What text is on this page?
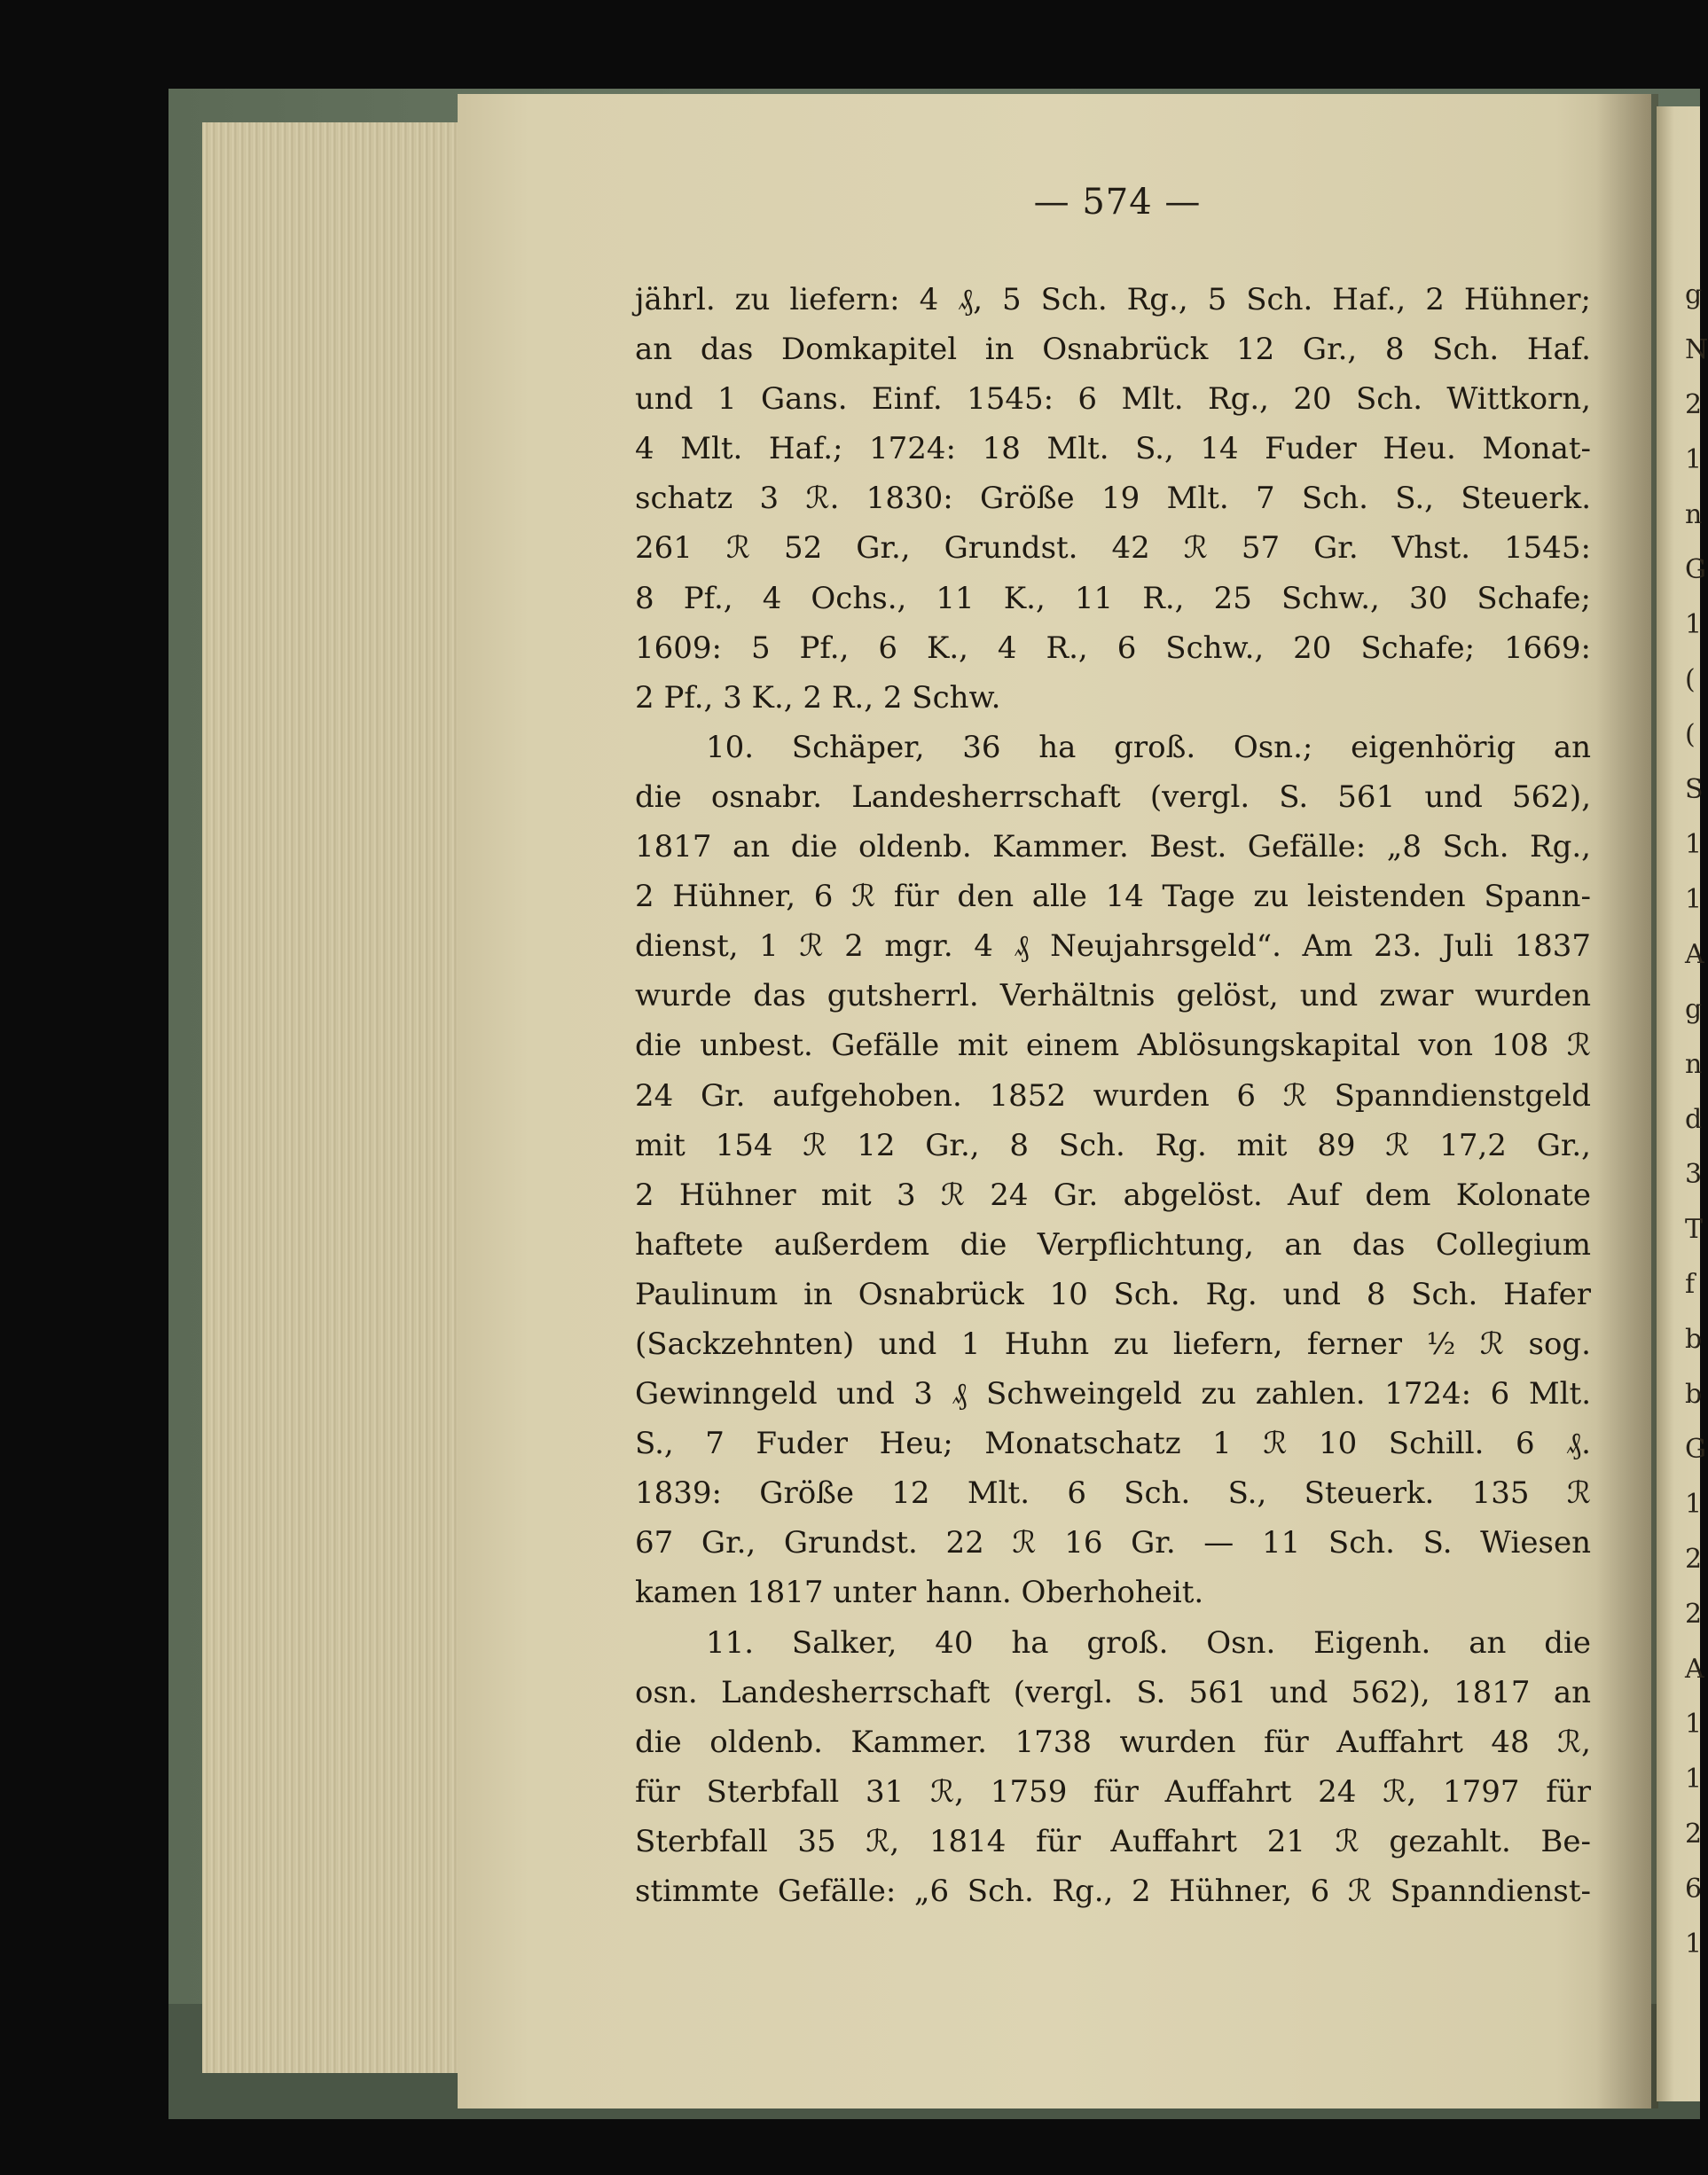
g
N
2
1
n
G
1
(
(
S
1
1
A
g
n
d
3
T
f
b
b
G
1
2
2
A
1
1
2
6
1
— 574 —
jährl. zu liefern: 4 ₰, 5 Sch. Rg., 5 Sch. Haf., 2 Hühner;
an das Domkapitel in Osnabrück 12 Gr., 8 Sch. Haf.
und 1 Gans. Einf. 1545: 6 Mlt. Rg., 20 Sch. Wittkorn,
4 Mlt. Haf.; 1724: 18 Mlt. S., 14 Fuder Heu. Monat-
schatz 3 ℛ. 1830: Größe 19 Mlt. 7 Sch. S., Steuerk.
261 ℛ 52 Gr., Grundst. 42 ℛ 57 Gr. Vhst. 1545:
8 Pf., 4 Ochs., 11 K., 11 R., 25 Schw., 30 Schafe;
1609: 5 Pf., 6 K., 4 R., 6 Schw., 20 Schafe; 1669:
2 Pf., 3 K., 2 R., 2 Schw.
10. Schäper, 36 ha groß. Osn.; eigenhörig an
die osnabr. Landesherrschaft (vergl. S. 561 und 562),
1817 an die oldenb. Kammer. Best. Gefälle: „8 Sch. Rg.,
2 Hühner, 6 ℛ für den alle 14 Tage zu leistenden Spann-
dienst, 1 ℛ 2 mgr. 4 ₰ Neujahrsgeld“. Am 23. Juli 1837
wurde das gutsherrl. Verhältnis gelöst, und zwar wurden
die unbest. Gefälle mit einem Ablösungskapital von 108 ℛ
24 Gr. aufgehoben. 1852 wurden 6 ℛ Spanndienstgeld
mit 154 ℛ 12 Gr., 8 Sch. Rg. mit 89 ℛ 17,2 Gr.,
2 Hühner mit 3 ℛ 24 Gr. abgelöst. Auf dem Kolonate
haftete außerdem die Verpflichtung, an das Collegium
Paulinum in Osnabrück 10 Sch. Rg. und 8 Sch. Hafer
(Sackzehnten) und 1 Huhn zu liefern, ferner ½ ℛ sog.
Gewinngeld und 3 ₰ Schweingeld zu zahlen. 1724: 6 Mlt.
S., 7 Fuder Heu; Monatschatz 1 ℛ 10 Schill. 6 ₰.
1839: Größe 12 Mlt. 6 Sch. S., Steuerk. 135 ℛ
67 Gr., Grundst. 22 ℛ 16 Gr. — 11 Sch. S. Wiesen
kamen 1817 unter hann. Oberhoheit.
11. Salker, 40 ha groß. Osn. Eigenh. an die
osn. Landesherrschaft (vergl. S. 561 und 562), 1817 an
die oldenb. Kammer. 1738 wurden für Auffahrt 48 ℛ,
für Sterbfall 31 ℛ, 1759 für Auffahrt 24 ℛ, 1797 für
Sterbfall 35 ℛ, 1814 für Auffahrt 21 ℛ gezahlt. Be-
stimmte Gefälle: „6 Sch. Rg., 2 Hühner, 6 ℛ Spanndienst-
